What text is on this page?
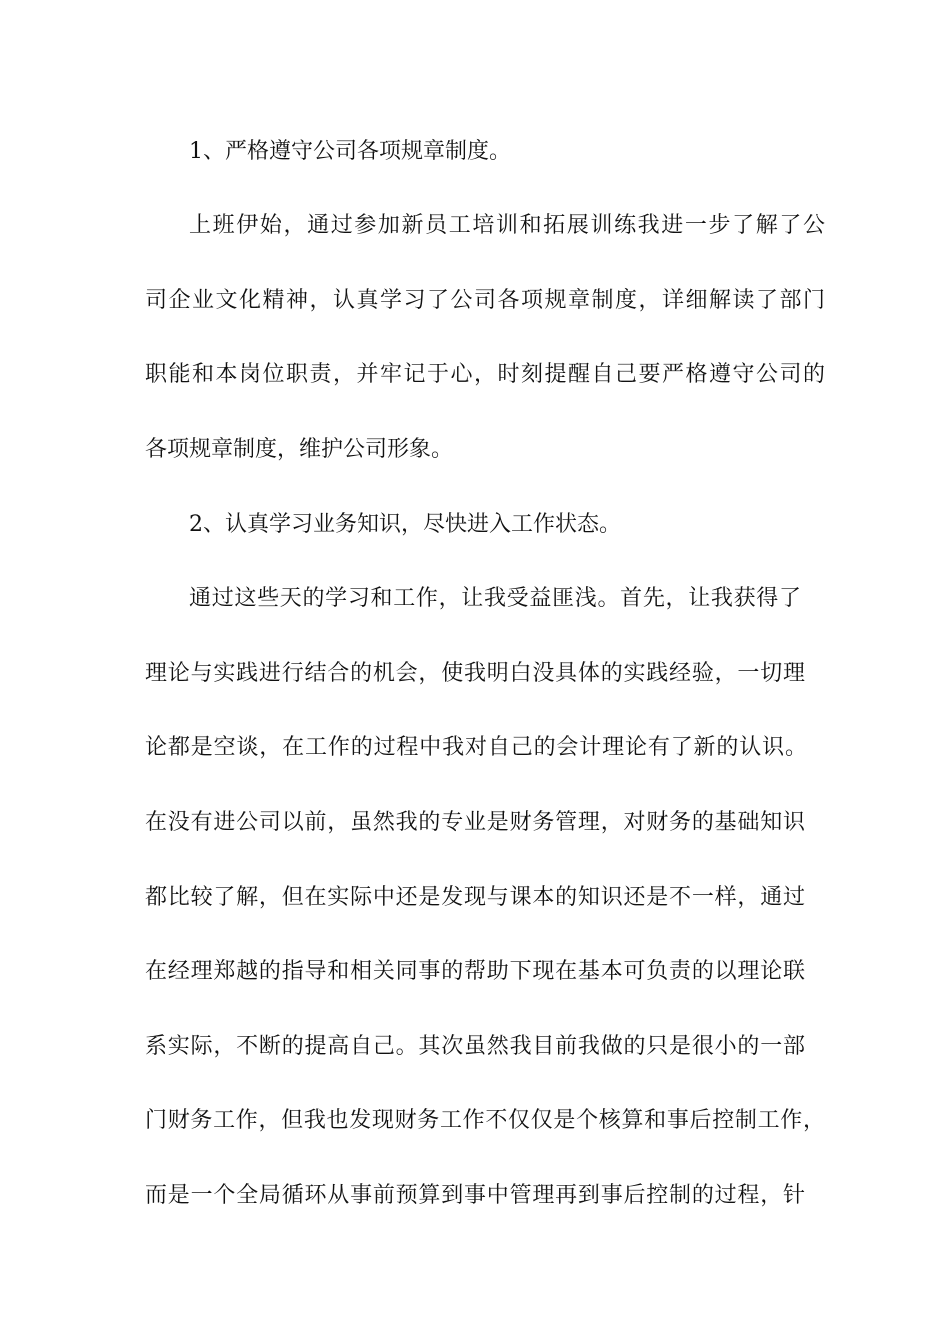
1、严格遵守公司各项规章制度。
上班伊始，通过参加新员工培训和拓展训练我进一步了解了公
司企业文化精神，认真学习了公司各项规章制度，详细解读了部门
职能和本岗位职责，并牢记于心，时刻提醒自己要严格遵守公司的
各项规章制度，维护公司形象。
2、认真学习业务知识，尽快进入工作状态。
通过这些天的学习和工作，让我受益匪浅。首先，让我获得了
理论与实践进行结合的机会，使我明白没具体的实践经验，一切理
论都是空谈，在工作的过程中我对自己的会计理论有了新的认识。
在没有进公司以前，虽然我的专业是财务管理，对财务的基础知识
都比较了解，但在实际中还是发现与课本的知识还是不一样，通过
在经理郑越的指导和相关同事的帮助下现在基本可负责的以理论联
系实际，不断的提高自己。其次虽然我目前我做的只是很小的一部
门财务工作，但我也发现财务工作不仅仅是个核算和事后控制工作，
而是一个全局循环从事前预算到事中管理再到事后控制的过程，针
